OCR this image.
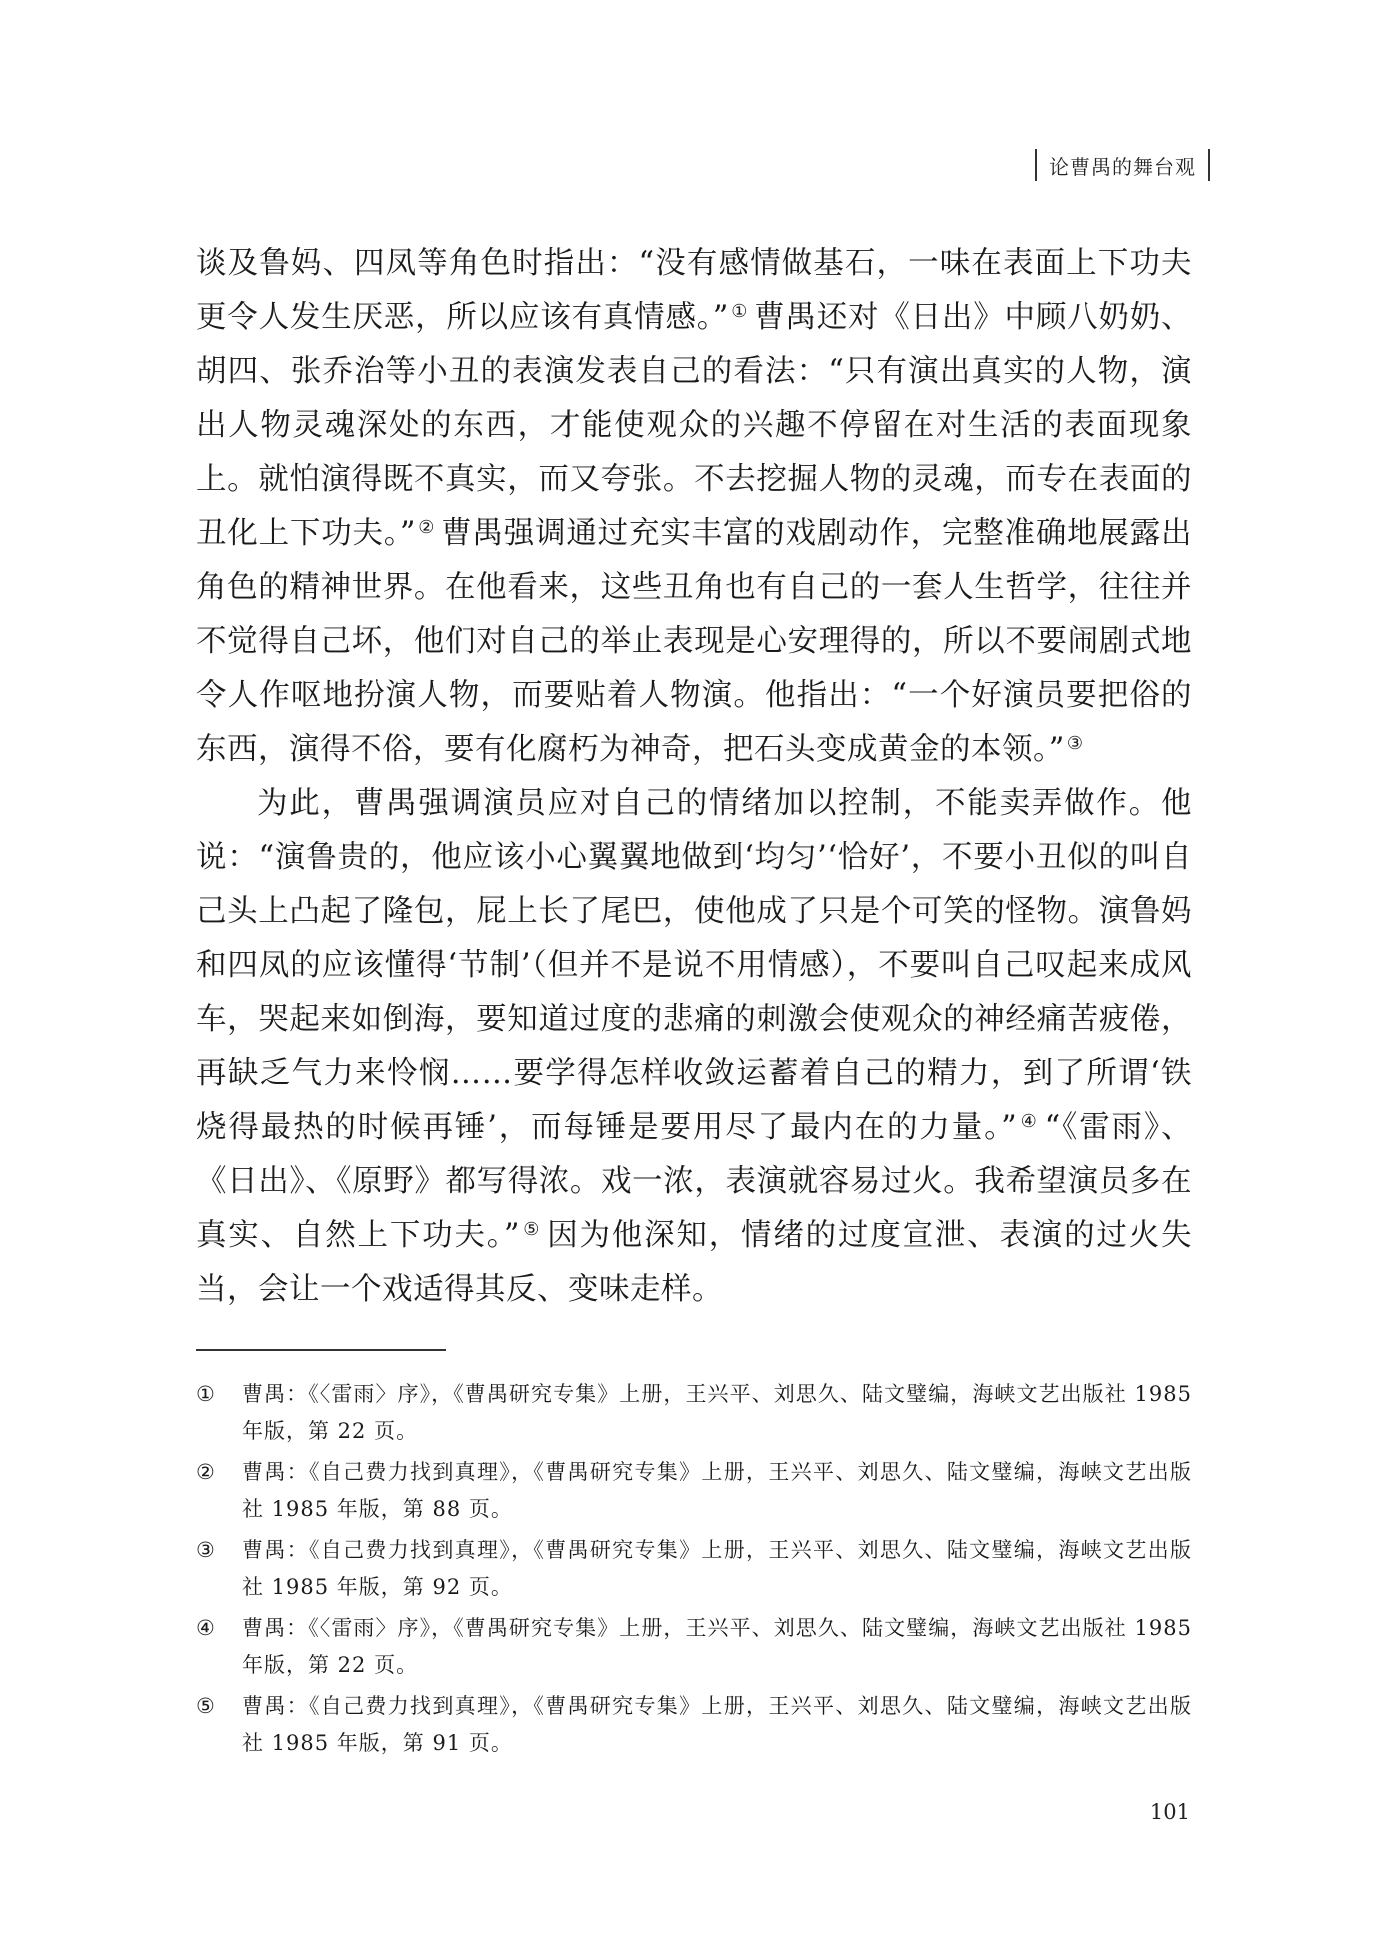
论曹禺的舞台观

谈及鲁妈、四凤等角色时指出：“没有感情做基石，一味在表面上下功夫更令人发生厌恶，所以应该有真情感。” ① 曹禺还对《日出》中顾八奶奶、胡四、张乔治等小丑的表演发表自己的看法：“只有演出真实的人物，演出人物灵魂深处的东西，才能使观众的兴趣不停留在对生活的表面现象上。就怕演得既不真实，而又夸张。不去挖掘人物的灵魂，而专在表面的丑化上下功夫。” ② 曹禺强调通过充实丰富的戏剧动作，完整准确地展露出角色的精神世界。在他看来，这些丑角也有自己的一套人生哲学，往往并不觉得自己坏，他们对自己的举止表现是心安理得的，所以不要闹剧式地令人作呕地扮演人物，而要贴着人物演。他指出：“一个好演员要把俗的东西，演得不俗，要有化腐朽为神奇，把石头变成黄金的本领。” ③

为此，曹禺强调演员应对自己的情绪加以控制，不能卖弄做作。他说：“演鲁贵的，他应该小心翼翼地做到‘均匀’‘恰好’，不要小丑似的叫自己头上凸起了隆包，屁上长了尾巴，使他成了只是个可笑的怪物。演鲁妈和四凤的应该懂得‘节制’（但并不是说不用情感），不要叫自己叹起来成风车，哭起来如倒海，要知道过度的悲痛的刺激会使观众的神经痛苦疲倦，再缺乏气力来怜悯……要学得怎样收敛运蓄着自己的精力，到了所谓‘铁烧得最热的时候再锤’，而每锤是要用尽了最内在的力量。” ④ “《雷雨》、《日出》、《原野》都写得浓。戏一浓，表演就容易过火。我希望演员多在真实、自然上下功夫。” ⑤ 因为他深知，情绪的过度宣泄、表演的过火失当，会让一个戏适得其反、变味走样。

①	曹禺：《〈雷雨〉序》，《曹禺研究专集》上册，王兴平、刘思久、陆文璧编，海峡文艺出版社 1985 年版，第 22 页。
②	曹禺：《自己费力找到真理》，《曹禺研究专集》上册，王兴平、刘思久、陆文璧编，海峡文艺出版社 1985 年版，第 88 页。
③	曹禺：《自己费力找到真理》，《曹禺研究专集》上册，王兴平、刘思久、陆文璧编，海峡文艺出版社 1985 年版，第 92 页。
④	曹禺：《〈雷雨〉序》，《曹禺研究专集》上册，王兴平、刘思久、陆文璧编，海峡文艺出版社 1985 年版，第 22 页。
⑤	曹禺：《自己费力找到真理》，《曹禺研究专集》上册，王兴平、刘思久、陆文璧编，海峡文艺出版社 1985 年版，第 91 页。
101
